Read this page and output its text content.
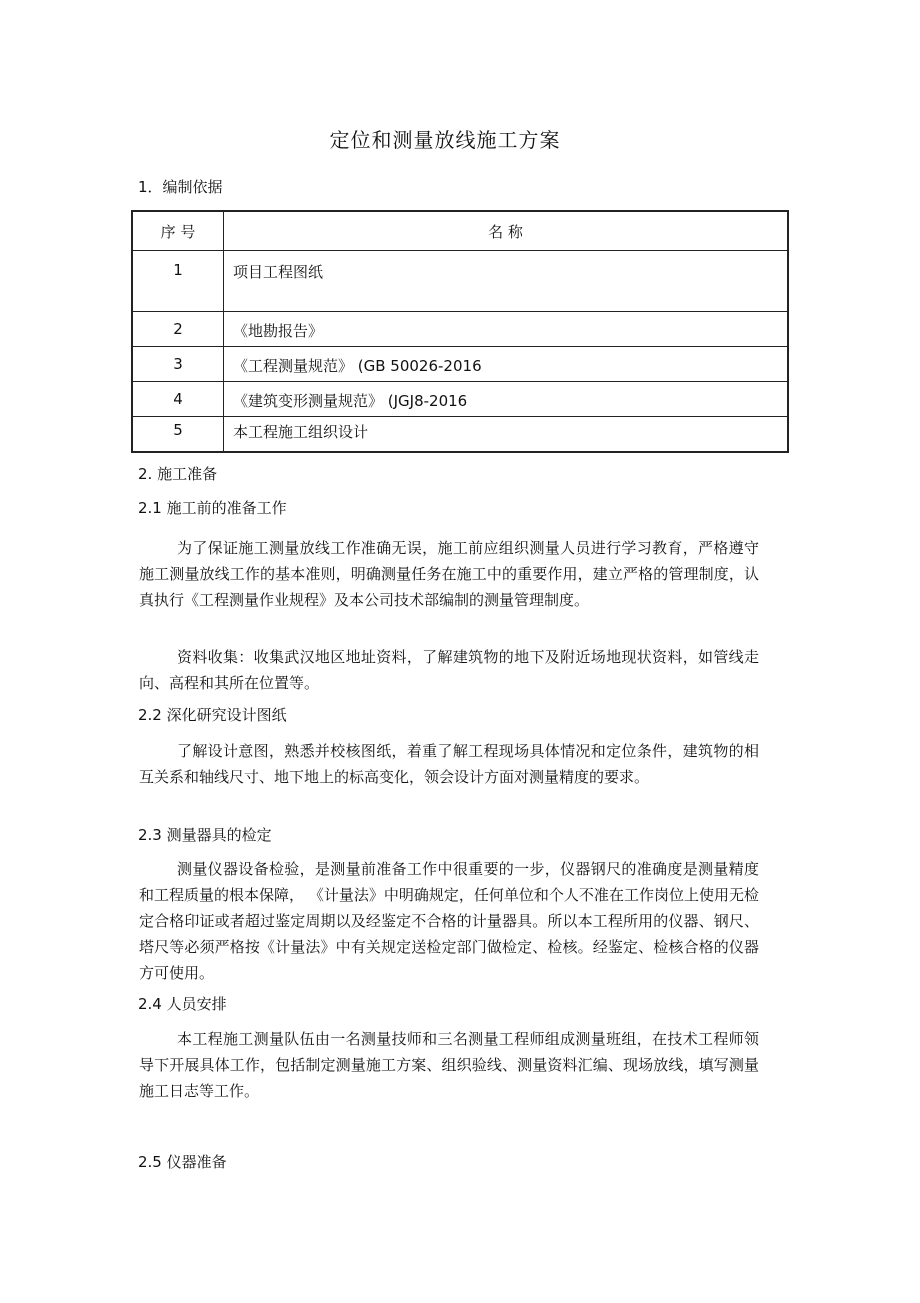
定位和测量放线施工方案
1．编制依据
序 号	名 称
1	项目工程图纸
2	《地勘报告》
3	《工程测量规范》 (GB 50026-2016
4	《建筑变形测量规范》 (JGJ8-2016
5	本工程施工组织设计
2. 施工准备
2.1 施工前的准备工作
为了保证施工测量放线工作准确无误，施工前应组织测量人员进行学习教育，严格遵守施工测量放线工作的基本准则，明确测量任务在施工中的重要作用，建立严格的管理制度，认真执行《工程测量作业规程》及本公司技术部编制的测量管理制度。
资料收集：收集武汉地区地址资料，了解建筑物的地下及附近场地现状资料，如管线走向、高程和其所在位置等。
2.2 深化研究设计图纸
了解设计意图，熟悉并校核图纸，着重了解工程现场具体情况和定位条件，建筑物的相互关系和轴线尺寸、地下地上的标高变化，领会设计方面对测量精度的要求。
2.3 测量器具的检定
测量仪器设备检验，是测量前准备工作中很重要的一步，仪器钢尺的准确度是测量精度和工程质量的根本保障， 《计量法》中明确规定，任何单位和个人不准在工作岗位上使用无检定合格印证或者超过鉴定周期以及经鉴定不合格的计量器具。所以本工程所用的仪器、钢尺、塔尺等必须严格按《计量法》中有关规定送检定部门做检定、检核。经鉴定、检核合格的仪器方可使用。
2.4 人员安排
本工程施工测量队伍由一名测量技师和三名测量工程师组成测量班组，在技术工程师领导下开展具体工作，包括制定测量施工方案、组织验线、测量资料汇编、现场放线，填写测量施工日志等工作。
2.5 仪器准备
